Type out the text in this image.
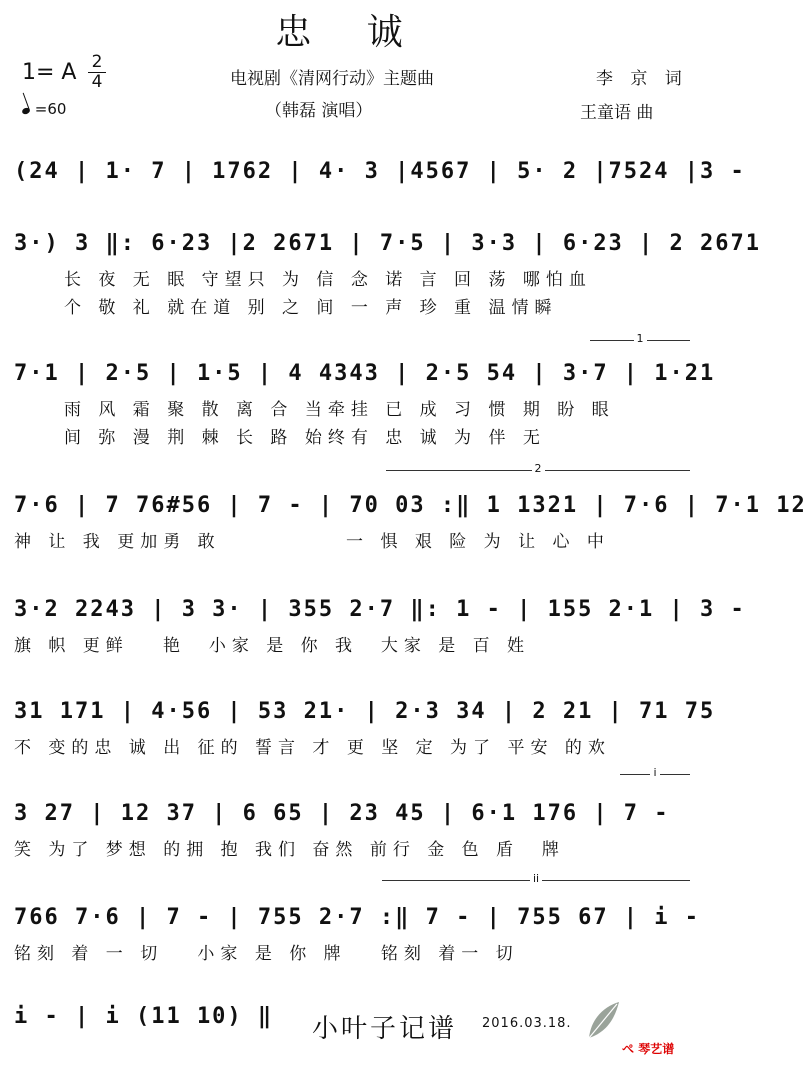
忠 诚
1= A 2
4
=60
电视剧《清网行动》主题曲
（韩磊 演唱）
李 京 词
王童语 曲
(24 | 1· 7 | 1762 | 4· 3 |4567 | 5· 2 |7524 |3 -
3·) 3 ‖: 6·23 |2 2671 | 7·5 | 3·3 | 6·23 | 2 2671
长 夜 无 眠 守望只 为 信 念 诺 言 回 荡 哪怕血
个 敬 礼 就在道 别 之 间 一 声 珍 重 温情瞬
1
7·1 | 2·5 | 1·5 | 4 4343 | 2·5 54 | 3·7 | 1·21
雨 风 霜 聚 散 离 合 当牵挂 已 成 习 惯 期 盼 眼
间 弥 漫 荆 棘 长 路 始终有 忠 诚 为 伴 无
2
7·6 | 7 76#56 | 7 - | 70 03 :‖ 1 1321 | 7·6 | 7·1 12
神 让 我 更加勇 敢           一 惧 艰 险 为 让 心 中
3·2 2243 | 3 3· | 355 2·7 ‖: 1 - | 155 2·1 | 3 -
旗 帜 更鲜   艳  小家 是 你 我  大家 是 百 姓
31 171 | 4·56 | 53 21· | 2·3 34 | 2 21 | 71 75
不 变的忠 诚 出 征的 誓言 才 更 坚 定 为了 平安 的欢
i
3 27 | 12 37 | 6 65 | 23 45 | 6·1 176 | 7 -
笑 为了 梦想 的拥 抱 我们 奋然 前行 金 色 盾  牌
ii
766 7·6 | 7 - | 755 2·7 :‖ 7 - | 755 67 | i -
铭刻 着 一 切   小家 是 你 牌   铭刻 着一 切
i - | i (11 10) ‖ 小叶子记谱 2016.03.18.
ぺ 琴艺谱
